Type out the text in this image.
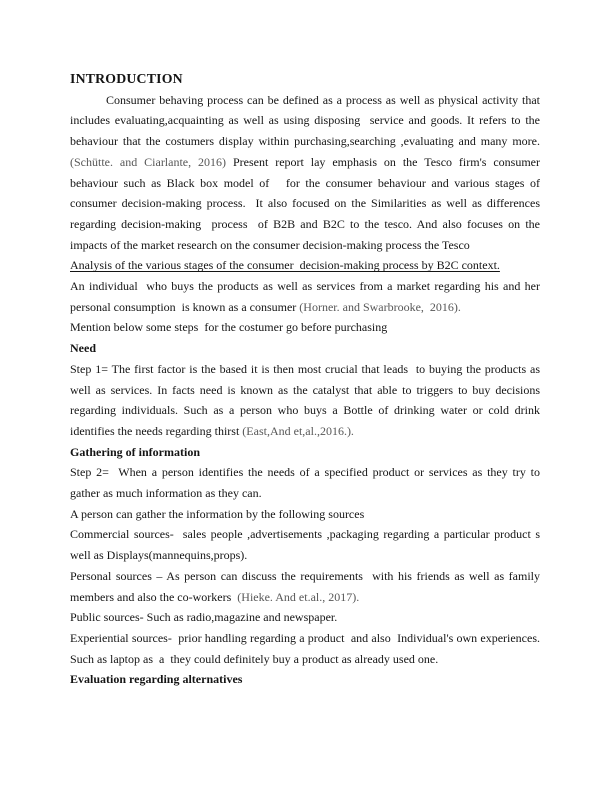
INTRODUCTION

Consumer behaving process can be defined as a process as well as physical activity that includes evaluating,acquainting as well as using disposing  service and goods. It refers to the behaviour that the costumers display within purchasing,searching ,evaluating and many more. (Schütte. and Ciarlante, 2016) Present report lay emphasis on the Tesco firm's consumer behaviour such as Black box model of   for the consumer behaviour and various stages of consumer decision-making process.  It also focused on the Similarities as well as differences regarding decision-making  process  of B2B and B2C to the tesco. And also focuses on the impacts of the market research on the consumer decision-making process the Tesco

Analysis of the various stages of the consumer  decision-making process by B2C context.

An individual  who buys the products as well as services from a market regarding his and her personal consumption  is known as a consumer (Horner. and Swarbrooke,  2016).

Mention below some steps  for the costumer go before purchasing

Need

Step 1= The first factor is the based it is then most crucial that leads  to buying the products as well as services. In facts need is known as the catalyst that able to triggers to buy decisions regarding individuals. Such as a person who buys a Bottle of drinking water or cold drink identifies the needs regarding thirst (East,And et,al.,2016.).

Gathering of information

Step 2=  When a person identifies the needs of a specified product or services as they try to gather as much information as they can.

A person can gather the information by the following sources

Commercial sources-  sales people ,advertisements ,packaging regarding a particular product s well as Displays(mannequins,props).

Personal sources – As person can discuss the requirements  with his friends as well as family members and also the co-workers  (Hieke. And et.al., 2017).

Public sources- Such as radio,magazine and newspaper.

Experiential sources-  prior handling regarding a product  and also  Individual's own experiences. Such as laptop as  a  they could definitely buy a product as already used one.

Evaluation regarding alternatives
